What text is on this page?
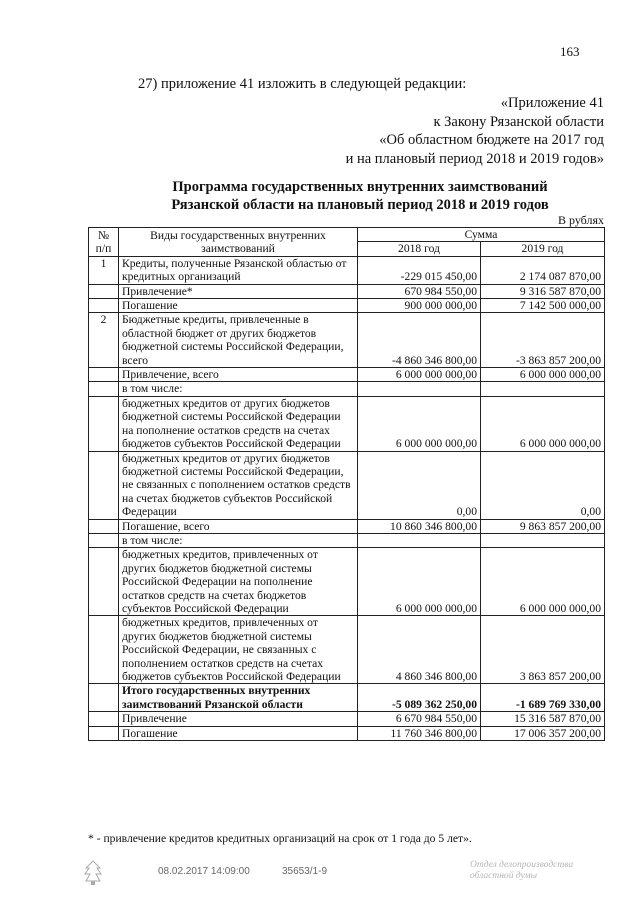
163
27) приложение 41 изложить в следующей редакции:
«Приложение 41
к Закону Рязанской области
«Об областном бюджете на 2017 год
и на плановый период 2018 и 2019 годов»
Программа государственных внутренних заимствований
Рязанской области на плановый период 2018 и 2019 годов
В рублях
№ п/п	Виды государственных внутренних заимствований	Сумма	
		2018 год	2019 год
1	Кредиты, полученные Рязанской областью от кредитных организаций	-229 015 450,00	2 174 087 870,00
	Привлечение*	670 984 550,00	9 316 587 870,00
	Погашение	900 000 000,00	7 142 500 000,00
2	Бюджетные кредиты, привлеченные в областной бюджет от других бюджетов бюджетной системы Российской Федерации, всего	-4 860 346 800,00	-3 863 857 200,00
	Привлечение, всего	6 000 000 000,00	6 000 000 000,00
	в том числе:		
	бюджетных кредитов от других бюджетов бюджетной системы Российской Федерации на пополнение остатков средств на счетах бюджетов субъектов Российской Федерации	6 000 000 000,00	6 000 000 000,00
	бюджетных кредитов от других бюджетов бюджетной системы Российской Федерации, не связанных с пополнением остатков средств на счетах бюджетов субъектов Российской Федерации	0,00	0,00
	Погашение, всего	10 860 346 800,00	9 863 857 200,00
	в том числе:		
	бюджетных кредитов, привлеченных от других бюджетов бюджетной системы Российской Федерации на пополнение остатков средств на счетах бюджетов субъектов Российской Федерации	6 000 000 000,00	6 000 000 000,00
	бюджетных кредитов, привлеченных от других бюджетов бюджетной системы Российской Федерации, не связанных с пополнением остатков средств на счетах бюджетов субъектов Российской Федерации	4 860 346 800,00	3 863 857 200,00
	Итого государственных внутренних заимствований Рязанской области	-5 089 362 250,00	-1 689 769 330,00
	Привлечение	6 670 984 550,00	15 316 587 870,00
	Погашение	11 760 346 800,00	17 006 357 200,00
* - привлечение кредитов кредитных организаций на срок от 1 года до 5 лет».
08.02.2017 14:09:00	35653/1-9
Отдел делопроизводства
областной думы
